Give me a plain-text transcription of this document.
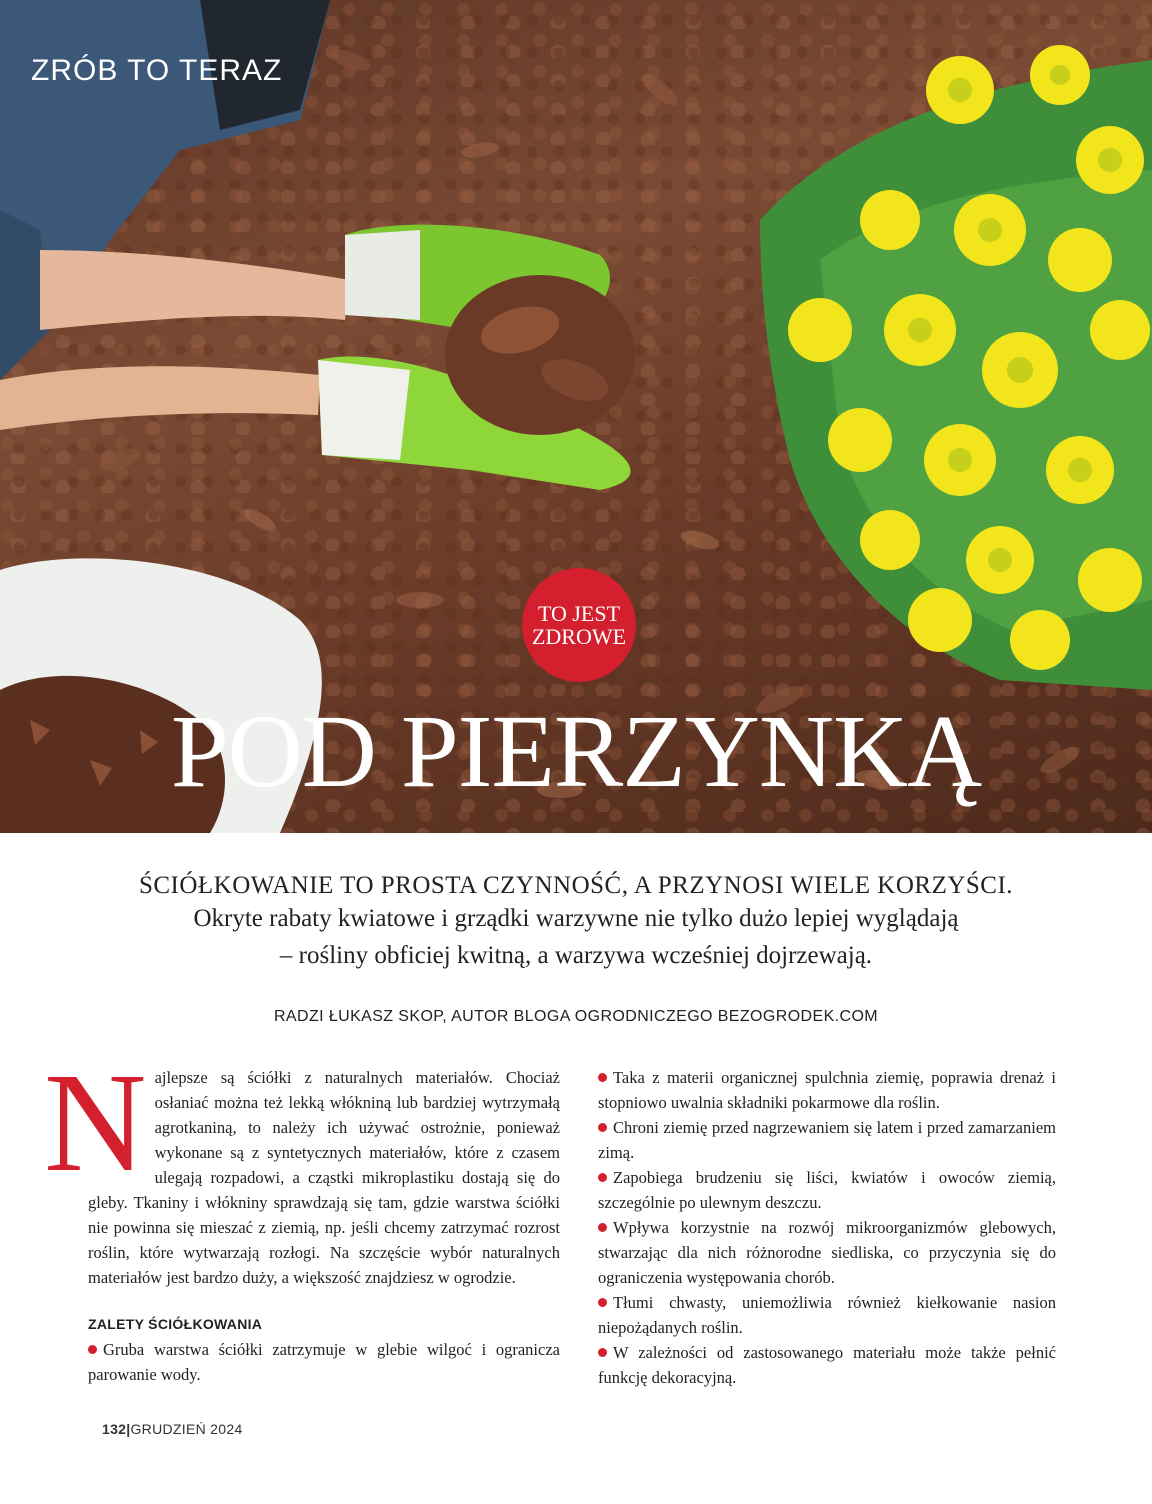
ZRÓB TO TERAZ
TO JEST
ZDROWE
POD PIERZYNKĄ
ŚCIÓŁKOWANIE TO PROSTA CZYNNOŚĆ, A PRZYNOSI WIELE KORZYŚCI.
Okryte rabaty kwiatowe i grządki warzywne nie tylko dużo lepiej wyglądają
– rośliny obficiej kwitną, a warzywa wcześniej dojrzewają.
RADZI ŁUKASZ SKOP, AUTOR BLOGA OGRODNICZEGO BEZOGRODEK.COM
N ajlepsze są ściółki z naturalnych materiałów. Chociaż osłaniać można też lekką włókniną lub bardziej wytrzymałą agrotkaniną, to należy ich używać ostrożnie, ponieważ wykonane są z syntetycznych materiałów, które z czasem ulegają rozpadowi, a cząstki mikroplastiku dostają się do gleby. Tkaniny i włókniny sprawdzają się tam, gdzie warstwa ściółki nie powinna się mieszać z ziemią, np. jeśli chcemy zatrzymać rozrost roślin, które wytwarzają rozłogi. Na szczęście wybór naturalnych materiałów jest bardzo duży, a większość znajdziesz w ogrodzie.

ZALETY ŚCIÓŁKOWANIA

Gruba warstwa ściółki zatrzymuje w glebie wilgoć i ogranicza parowanie wody.

Taka z materii organicznej spulchnia ziemię, poprawia drenaż i stopniowo uwalnia składniki pokarmowe dla roślin.

Chroni ziemię przed nagrzewaniem się latem i przed zamarzaniem zimą.

Zapobiega brudzeniu się liści, kwiatów i owoców ziemią, szczególnie po ulewnym deszczu.

Wpływa korzystnie na rozwój mikroorganizmów glebowych, stwarzając dla nich różnorodne siedliska, co przyczynia się do ograniczenia występowania chorób.

Tłumi chwasty, uniemożliwia również kiełkowanie nasion niepożądanych roślin.

W zależności od zastosowanego materiału może także pełnić funkcję dekoracyjną.

132|GRUDZIEŃ 2024
